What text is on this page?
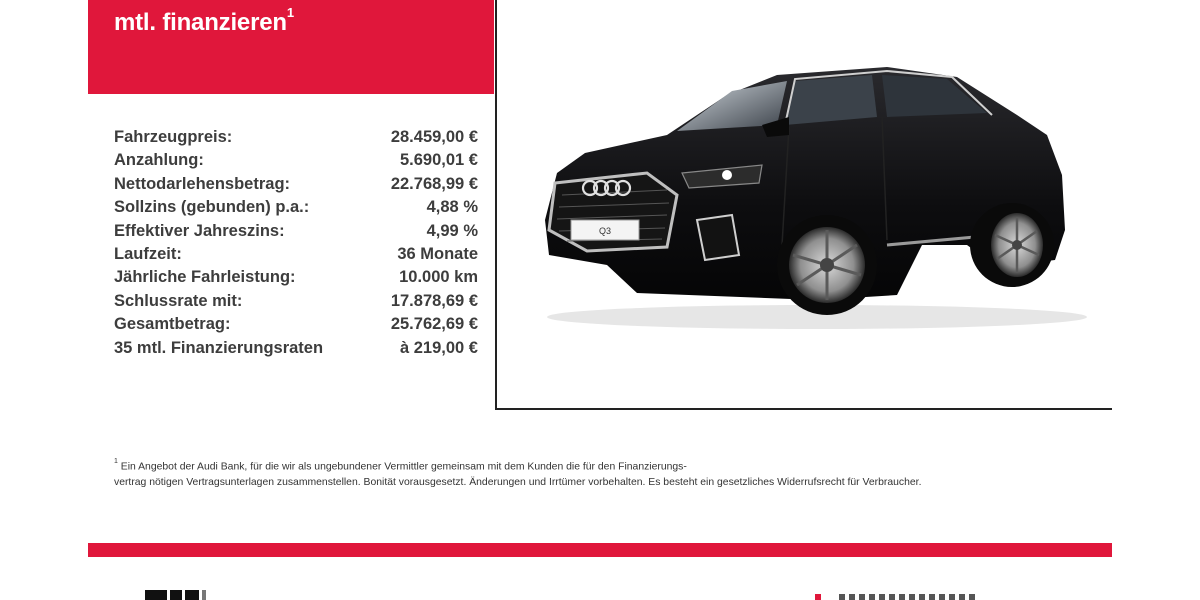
mtl. finanzieren$^1$
Fahrzeugpreis:	28.459,00 €
Anzahlung:	5.690,01 €
Nettodarlehensbetrag:	22.768,99 €
Sollzins (gebunden) p.a.:	4,88 %
Effektiver Jahreszins:	4,99 %
Laufzeit:	36 Monate
Jährliche Fahrleistung:	10.000 km
Schlussrate mit:	17.878,69 €
Gesamtbetrag:	25.762,69 €
35 mtl. Finanzierungsraten	à 219,00 €
Q3
$^1$ Ein Angebot der Audi Bank, für die wir als ungebundener Vermittler gemeinsam mit dem Kunden die für den Finanzierungs-
vertrag nötigen Vertragsunterlagen zusammenstellen. Bonität vorausgesetzt. Änderungen und Irrtümer vorbehalten. Es besteht ein gesetzliches Widerrufsrecht für Verbraucher.
